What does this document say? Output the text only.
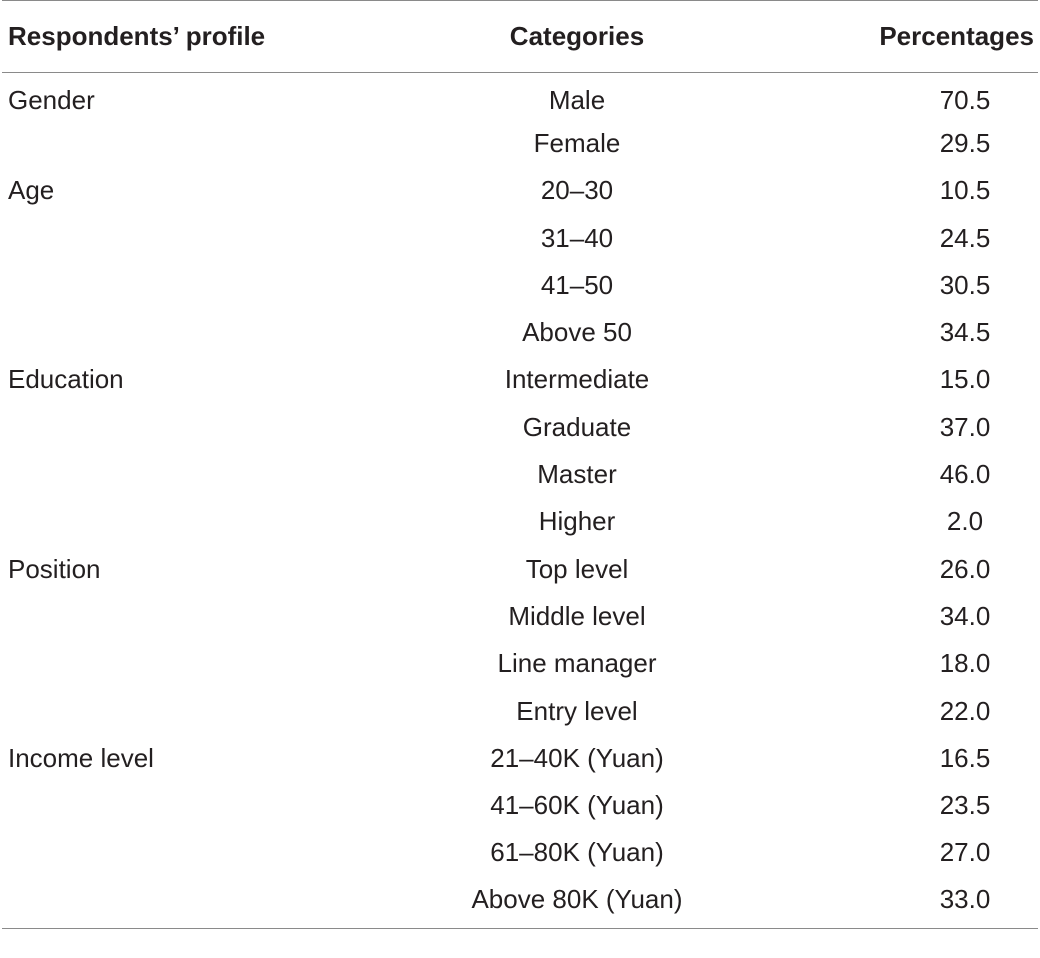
Respondents’ profile	Categories	Percentages
Gender	Male	70.5
	Female	29.5
Age	20–30	10.5
	31–40	24.5
	41–50	30.5
	Above 50	34.5
Education	Intermediate	15.0
	Graduate	37.0
	Master	46.0
	Higher	2.0
Position	Top level	26.0
	Middle level	34.0
	Line manager	18.0
	Entry level	22.0
Income level	21–40K (Yuan)	16.5
	41–60K (Yuan)	23.5
	61–80K (Yuan)	27.0
	Above 80K (Yuan)	33.0
